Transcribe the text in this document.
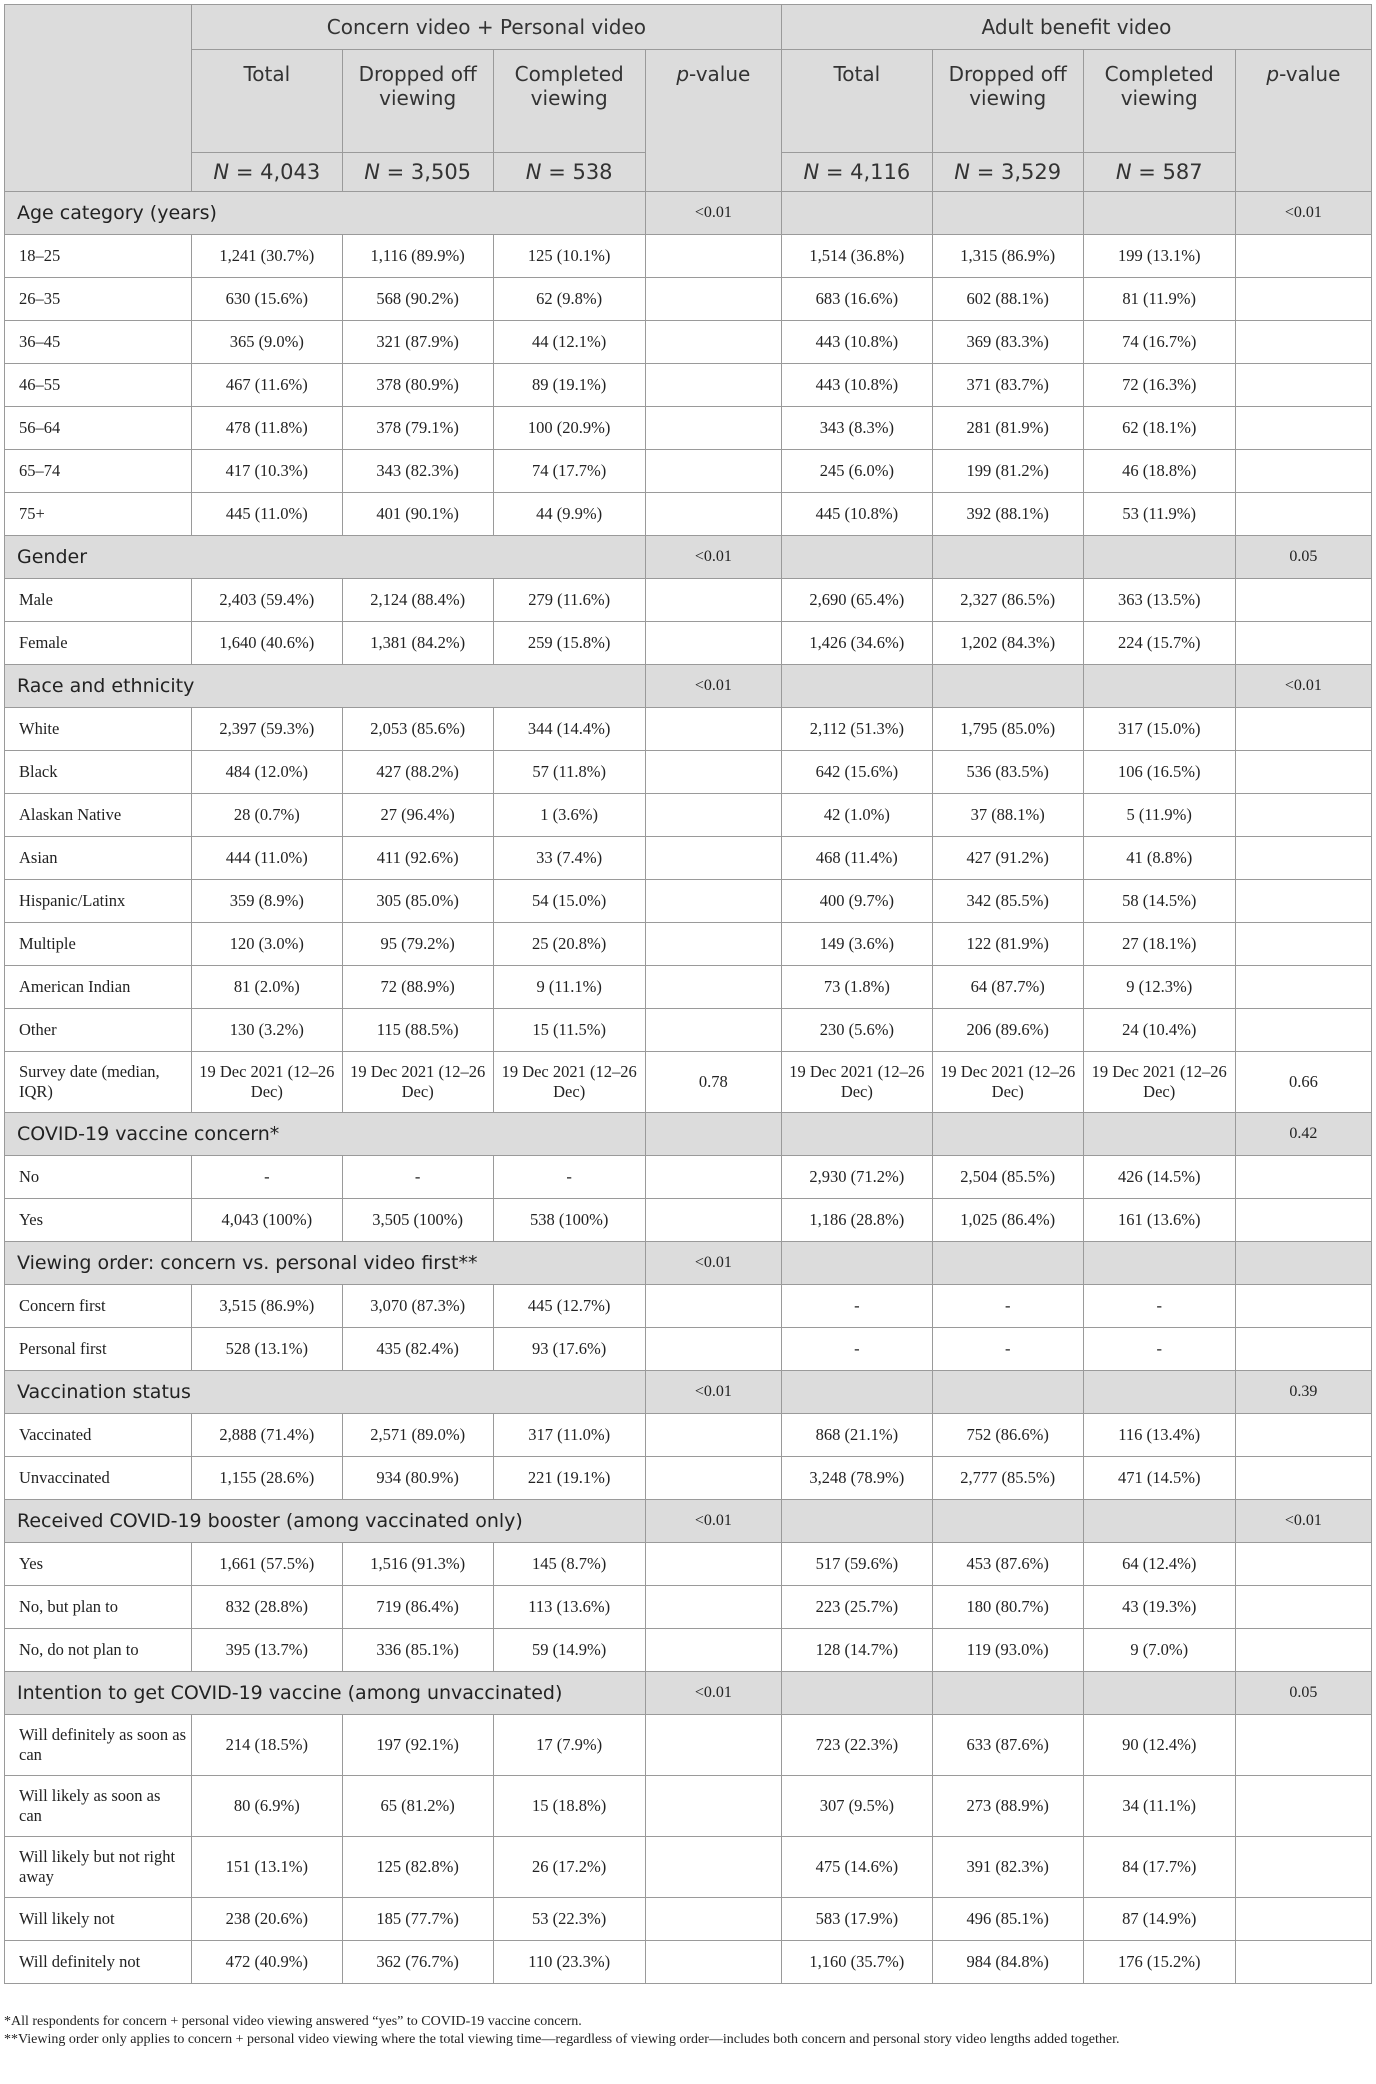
	Concern video + Personal video				Adult benefit video			
	Total	Dropped off viewing	Completed viewing	p-value	Total	Dropped off viewing	Completed viewing	p-value
	N = 4,043	N = 3,505	N = 538		N = 4,116	N = 3,529	N = 587	
Age category (years)				<0.01				<0.01
18–25	1,241 (30.7%)	1,116 (89.9%)	125 (10.1%)		1,514 (36.8%)	1,315 (86.9%)	199 (13.1%)	
26–35	630 (15.6%)	568 (90.2%)	62 (9.8%)		683 (16.6%)	602 (88.1%)	81 (11.9%)	
36–45	365 (9.0%)	321 (87.9%)	44 (12.1%)		443 (10.8%)	369 (83.3%)	74 (16.7%)	
46–55	467 (11.6%)	378 (80.9%)	89 (19.1%)		443 (10.8%)	371 (83.7%)	72 (16.3%)	
56–64	478 (11.8%)	378 (79.1%)	100 (20.9%)		343 (8.3%)	281 (81.9%)	62 (18.1%)	
65–74	417 (10.3%)	343 (82.3%)	74 (17.7%)		245 (6.0%)	199 (81.2%)	46 (18.8%)	
75+	445 (11.0%)	401 (90.1%)	44 (9.9%)		445 (10.8%)	392 (88.1%)	53 (11.9%)	
Gender				<0.01				0.05
Male	2,403 (59.4%)	2,124 (88.4%)	279 (11.6%)		2,690 (65.4%)	2,327 (86.5%)	363 (13.5%)	
Female	1,640 (40.6%)	1,381 (84.2%)	259 (15.8%)		1,426 (34.6%)	1,202 (84.3%)	224 (15.7%)	
Race and ethnicity				<0.01				<0.01
White	2,397 (59.3%)	2,053 (85.6%)	344 (14.4%)		2,112 (51.3%)	1,795 (85.0%)	317 (15.0%)	
Black	484 (12.0%)	427 (88.2%)	57 (11.8%)		642 (15.6%)	536 (83.5%)	106 (16.5%)	
Alaskan Native	28 (0.7%)	27 (96.4%)	1 (3.6%)		42 (1.0%)	37 (88.1%)	5 (11.9%)	
Asian	444 (11.0%)	411 (92.6%)	33 (7.4%)		468 (11.4%)	427 (91.2%)	41 (8.8%)	
Hispanic/Latinx	359 (8.9%)	305 (85.0%)	54 (15.0%)		400 (9.7%)	342 (85.5%)	58 (14.5%)	
Multiple	120 (3.0%)	95 (79.2%)	25 (20.8%)		149 (3.6%)	122 (81.9%)	27 (18.1%)	
American Indian	81 (2.0%)	72 (88.9%)	9 (11.1%)		73 (1.8%)	64 (87.7%)	9 (12.3%)	
Other	130 (3.2%)	115 (88.5%)	15 (11.5%)		230 (5.6%)	206 (89.6%)	24 (10.4%)	
Survey date (median, IQR)	19 Dec 2021 (12–26 Dec)	19 Dec 2021 (12–26 Dec)	19 Dec 2021 (12–26 Dec)	0.78	19 Dec 2021 (12–26 Dec)	19 Dec 2021 (12–26 Dec)	19 Dec 2021 (12–26 Dec)	0.66
COVID-19 vaccine concern*								0.42
No	-	-	-		2,930 (71.2%)	2,504 (85.5%)	426 (14.5%)	
Yes	4,043 (100%)	3,505 (100%)	538 (100%)		1,186 (28.8%)	1,025 (86.4%)	161 (13.6%)	
Viewing order: concern vs. personal video first**				<0.01				
Concern first	3,515 (86.9%)	3,070 (87.3%)	445 (12.7%)		-	-	-	
Personal first	528 (13.1%)	435 (82.4%)	93 (17.6%)		-	-	-	
Vaccination status				<0.01				0.39
Vaccinated	2,888 (71.4%)	2,571 (89.0%)	317 (11.0%)		868 (21.1%)	752 (86.6%)	116 (13.4%)	
Unvaccinated	1,155 (28.6%)	934 (80.9%)	221 (19.1%)		3,248 (78.9%)	2,777 (85.5%)	471 (14.5%)	
Received COVID-19 booster (among vaccinated only)				<0.01				<0.01
Yes	1,661 (57.5%)	1,516 (91.3%)	145 (8.7%)		517 (59.6%)	453 (87.6%)	64 (12.4%)	
No, but plan to	832 (28.8%)	719 (86.4%)	113 (13.6%)		223 (25.7%)	180 (80.7%)	43 (19.3%)	
No, do not plan to	395 (13.7%)	336 (85.1%)	59 (14.9%)		128 (14.7%)	119 (93.0%)	9 (7.0%)	
Intention to get COVID-19 vaccine (among unvaccinated)				<0.01				0.05
Will definitely as soon as can	214 (18.5%)	197 (92.1%)	17 (7.9%)		723 (22.3%)	633 (87.6%)	90 (12.4%)	
Will likely as soon as can	80 (6.9%)	65 (81.2%)	15 (18.8%)		307 (9.5%)	273 (88.9%)	34 (11.1%)	
Will likely but not right away	151 (13.1%)	125 (82.8%)	26 (17.2%)		475 (14.6%)	391 (82.3%)	84 (17.7%)	
Will likely not	238 (20.6%)	185 (77.7%)	53 (22.3%)		583 (17.9%)	496 (85.1%)	87 (14.9%)	
Will definitely not	472 (40.9%)	362 (76.7%)	110 (23.3%)		1,160 (35.7%)	984 (84.8%)	176 (15.2%)	

*All respondents for concern + personal video viewing answered “yes” to COVID-19 vaccine concern.

**Viewing order only applies to concern + personal video viewing where the total viewing time—regardless of viewing order—includes both concern and personal story video lengths added together.
